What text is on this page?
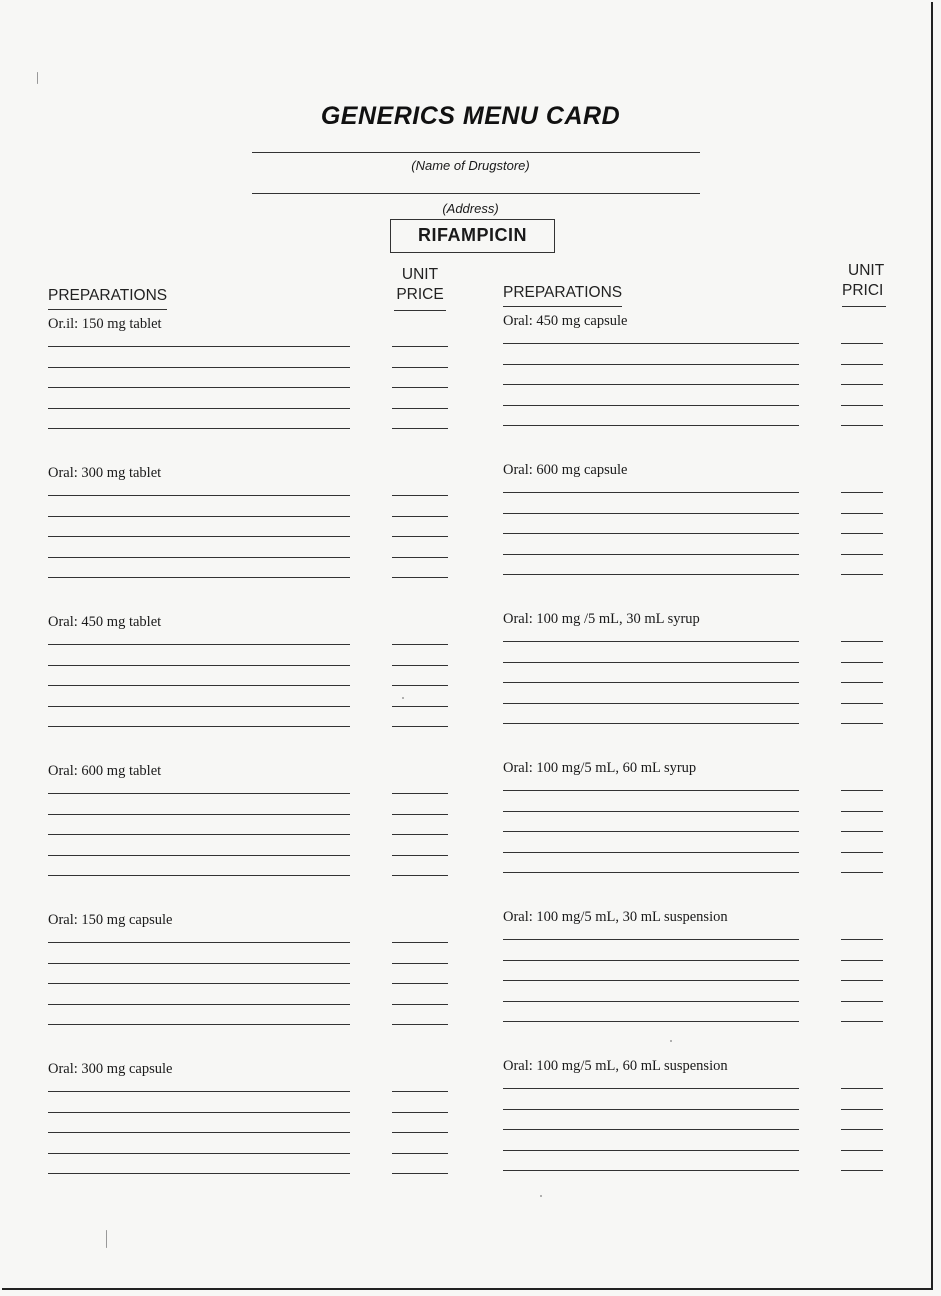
GENERICS MENU CARD
(Name of Drugstore)
(Address)
RIFAMPICIN
PREPARATIONS
UNIT
PRICE	PREPARATIONS
UNIT
PRICI
Or.il: 150 mg tablet
Oral: 300 mg tablet
Oral: 450 mg tablet
Oral: 600 mg tablet
Oral: 150 mg capsule
Oral: 300 mg capsule
Oral: 450 mg capsule
Oral: 600 mg capsule
Oral: 100 mg /5 mL, 30 mL syrup
Oral: 100 mg/5 mL, 60 mL syrup
Oral: 100 mg/5 mL, 30 mL suspension
Oral: 100 mg/5 mL, 60 mL suspension
